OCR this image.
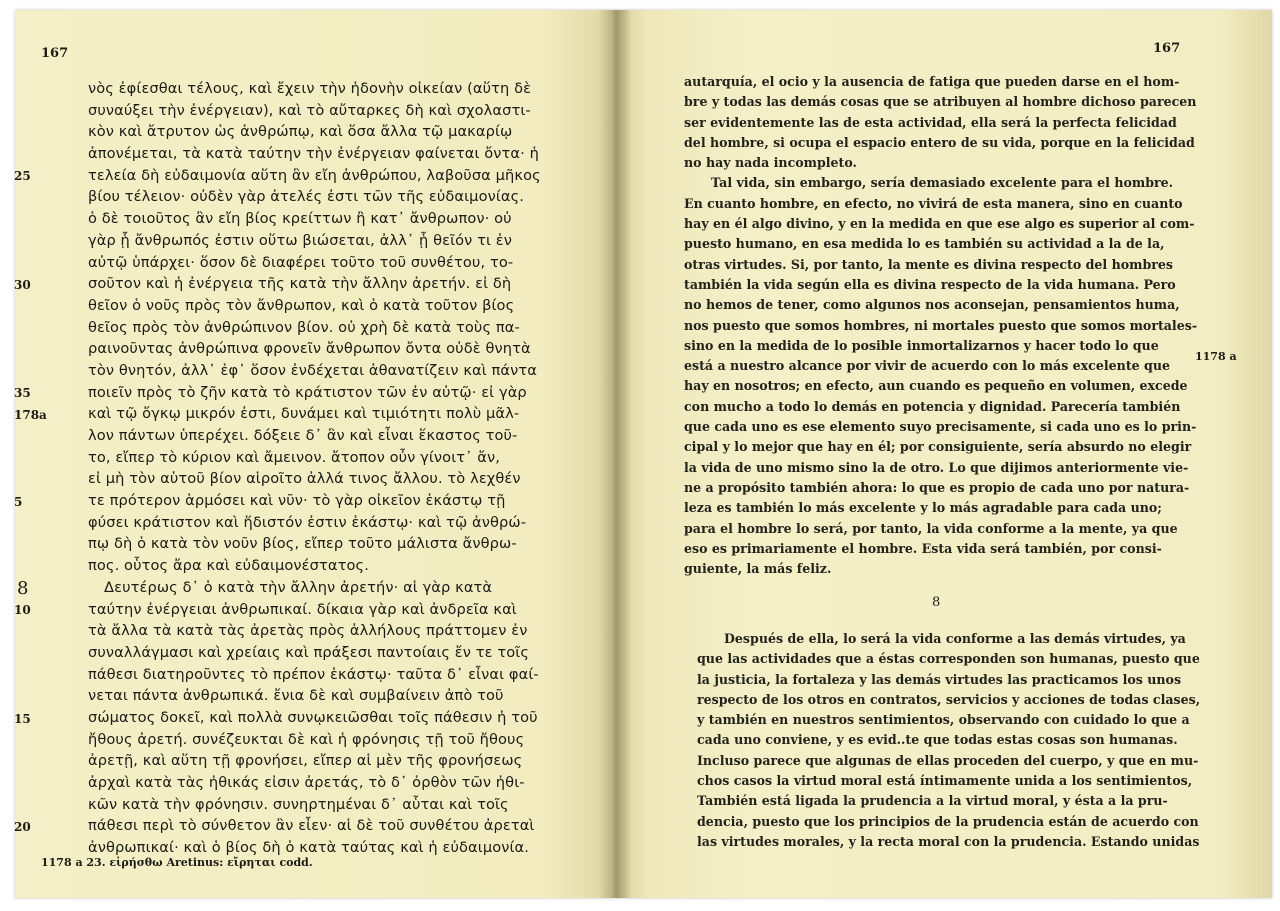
167
νὸς ἐφίεσθαι τέλους, καὶ ἔχειν τὴν ἡδονὴν οἰκείαν (αὕτη δὲ
συναύξει τὴν ἐνέργειαν), καὶ τὸ αὔταρκες δὴ καὶ σχολαστι-
κὸν καὶ ἄτρυτον ὡς ἀνθρώπῳ, καὶ ὅσα ἄλλα τῷ μακαρίῳ
ἀπονέμεται, τὰ κατὰ ταύτην τὴν ἐνέργειαν φαίνεται ὄντα· ἡ
τελεία δὴ εὐδαιμονία αὕτη ἂν εἴη ἀνθρώπου, λαβοῦσα μῆκος
βίου τέλειον· οὐδὲν γὰρ ἀτελές ἐστι τῶν τῆς εὐδαιμονίας.
ὁ δὲ τοιοῦτος ἂν εἴη βίος κρείττων ἢ κατ᾽ ἄνθρωπον· οὐ
γὰρ ᾗ ἄνθρωπός ἐστιν οὕτω βιώσεται, ἀλλ᾽ ᾗ θεῖόν τι ἐν
αὐτῷ ὑπάρχει· ὅσον δὲ διαφέρει τοῦτο τοῦ συνθέτου, το-
σοῦτον καὶ ἡ ἐνέργεια τῆς κατὰ τὴν ἄλλην ἀρετήν. εἰ δὴ
θεῖον ὁ νοῦς πρὸς τὸν ἄνθρωπον, καὶ ὁ κατὰ τοῦτον βίος
θεῖος πρὸς τὸν ἀνθρώπινον βίον. οὐ χρὴ δὲ κατὰ τοὺς πα-
ραινοῦντας ἀνθρώπινα φρονεῖν ἄνθρωπον ὄντα οὐδὲ θνητὰ
τὸν θνητόν, ἀλλ᾽ ἐφ᾽ ὅσον ἐνδέχεται ἀθανατίζειν καὶ πάντα
ποιεῖν πρὸς τὸ ζῆν κατὰ τὸ κράτιστον τῶν ἐν αὐτῷ· εἰ γὰρ
καὶ τῷ ὄγκῳ μικρόν ἐστι, δυνάμει καὶ τιμιότητι πολὺ μᾶλ-
λον πάντων ὑπερέχει. δόξειε δ᾽ ἂν καὶ εἶναι ἕκαστος τοῦ-
το, εἴπερ τὸ κύριον καὶ ἄμεινον. ἄτοπον οὖν γίνοιτ᾽ ἄν,
εἰ μὴ τὸν αὑτοῦ βίον αἱροῖτο ἀλλά τινος ἄλλου. τὸ λεχθέν
τε πρότερον ἁρμόσει καὶ νῦν· τὸ γὰρ οἰκεῖον ἑκάστῳ τῇ
φύσει κράτιστον καὶ ἥδιστόν ἐστιν ἑκάστῳ· καὶ τῷ ἀνθρώ-
πῳ δὴ ὁ κατὰ τὸν νοῦν βίος, εἴπερ τοῦτο μάλιστα ἄνθρω-
πος. οὗτος ἄρα καὶ εὐδαιμονέστατος.
Δευτέρως δ᾽ ὁ κατὰ τὴν ἄλλην ἀρετήν· αἱ γὰρ κατὰ
ταύτην ἐνέργειαι ἀνθρωπικαί. δίκαια γὰρ καὶ ἀνδρεῖα καὶ
τὰ ἄλλα τὰ κατὰ τὰς ἀρετὰς πρὸς ἀλλήλους πράττομεν ἐν
συναλλάγμασι καὶ χρείαις καὶ πράξεσι παντοίαις ἔν τε τοῖς
πάθεσι διατηροῦντες τὸ πρέπον ἑκάστῳ· ταῦτα δ᾽ εἶναι φαί-
νεται πάντα ἀνθρωπικά. ἔνια δὲ καὶ συμβαίνειν ἀπὸ τοῦ
σώματος δοκεῖ, καὶ πολλὰ συνῳκειῶσθαι τοῖς πάθεσιν ἡ τοῦ
ἤθους ἀρετή. συνέζευκται δὲ καὶ ἡ φρόνησις τῇ τοῦ ἤθους
ἀρετῇ, καὶ αὕτη τῇ φρονήσει, εἴπερ αἱ μὲν τῆς φρονήσεως
ἀρχαὶ κατὰ τὰς ἠθικάς εἰσιν ἀρετάς, τὸ δ᾽ ὀρθὸν τῶν ἠθι-
κῶν κατὰ τὴν φρόνησιν. συνηρτημέναι δ᾽ αὗται καὶ τοῖς
πάθεσι περὶ τὸ σύνθετον ἂν εἶεν· αἱ δὲ τοῦ συνθέτου ἀρεταὶ
ἀνθρωπικαί· καὶ ὁ βίος δὴ ὁ κατὰ ταύτας καὶ ἡ εὐδαιμονία.
25
30
35
178a
5
8
10
15
20
1178 a 23. εἰρήσθω Aretinus: εἴρηται codd.
167
autarquía, el ocio y la ausencia de fatiga que pueden darse en el hom-
bre y todas las demás cosas que se atribuyen al hombre dichoso parecen
ser evidentemente las de esta actividad, ella será la perfecta felicidad
del hombre, si ocupa el espacio entero de su vida, porque en la felicidad
no hay nada incompleto.
Tal vida, sin embargo, sería demasiado excelente para el hombre.
En cuanto hombre, en efecto, no vivirá de esta manera, sino en cuanto
hay en él algo divino, y en la medida en que ese algo es superior al com-
puesto humano, en esa medida lo es también su actividad a la de la,
otras virtudes. Si, por tanto, la mente es divina respecto del hombres
también la vida según ella es divina respecto de la vida humana. Pero
no hemos de tener, como algunos nos aconsejan, pensamientos huma,
nos puesto que somos hombres, ni mortales puesto que somos mortales-
sino en la medida de lo posible inmortalizarnos y hacer todo lo que
está a nuestro alcance por vivir de acuerdo con lo más excelente que
hay en nosotros; en efecto, aun cuando es pequeño en volumen, excede
con mucho a todo lo demás en potencia y dignidad. Parecería también
que cada uno es ese elemento suyo precisamente, si cada uno es lo prin-
cipal y lo mejor que hay en él; por consiguiente, sería absurdo no elegir
la vida de uno mismo sino la de otro. Lo que dijimos anteriormente vie-
ne a propósito también ahora: lo que es propio de cada uno por natura-
leza es también lo más excelente y lo más agradable para cada uno;
para el hombre lo será, por tanto, la vida conforme a la mente, ya que
eso es primariamente el hombre. Esta vida será también, por consi-
guiente, la más feliz.
1178 a
8
Después de ella, lo será la vida conforme a las demás virtudes, ya
que las actividades que a éstas corresponden son humanas, puesto que
la justicia, la fortaleza y las demás virtudes las practicamos los unos
respecto de los otros en contratos, servicios y acciones de todas clases,
y también en nuestros sentimientos, observando con cuidado lo que a
cada uno conviene, y es evid..te que todas estas cosas son humanas.
Incluso parece que algunas de ellas proceden del cuerpo, y que en mu-
chos casos la virtud moral está íntimamente unida a los sentimientos,
También está ligada la prudencia a la virtud moral, y ésta a la pru-
dencia, puesto que los principios de la prudencia están de acuerdo con
las virtudes morales, y la recta moral con la prudencia. Estando unidas
